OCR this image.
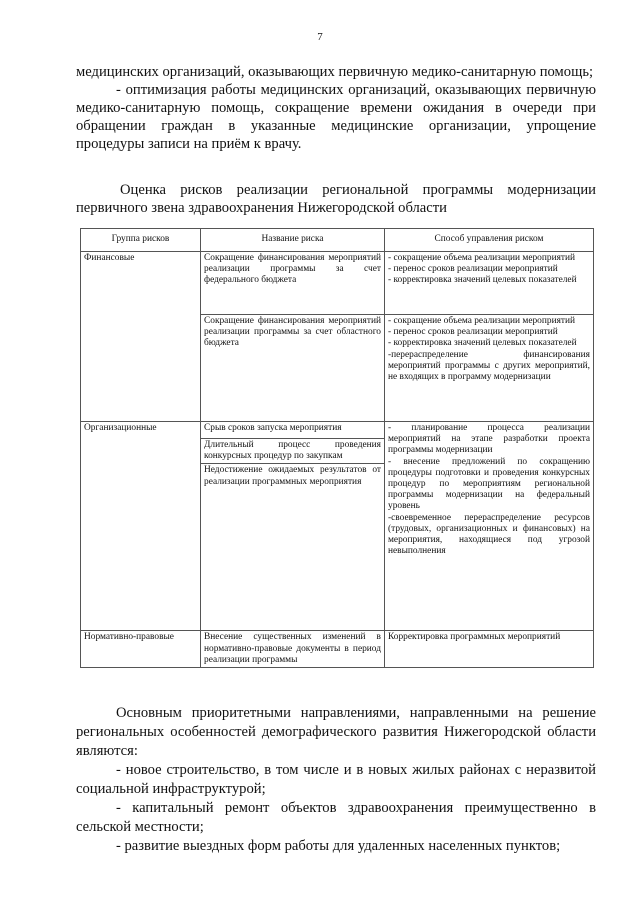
7

медицинских организаций, оказывающих первичную медико-санитарную помощь;

- оптимизация работы медицинских организаций, оказывающих первичную медико-санитарную помощь, сокращение времени ожидания в очереди при обращении граждан в указанные медицинские организации, упрощение процедуры записи на приём к врачу.

Оценка рисков реализации региональной программы модернизации первичного звена здравоохранения Нижегородской области
Группа рисков	Название риска	Способ управления риском
Финансовые	Сокращение финансирования мероприятий реализации программы за счет федерального бюджета	- сокращение объема реализации мероприятий
- перенос сроков реализации мероприятий
- корректировка значений целевых показателей

	Сокращение финансирования мероприятий реализации программы за счет областного бюджета	- сокращение объема реализации мероприятий
- перенос сроков реализации мероприятий
- корректировка значений целевых показателей
-перераспределение финансирования мероприятий программы с других мероприятий, не входящих в программу модернизации

Организационные	Срыв сроков запуска мероприятия	- планирование процесса реализации мероприятий на этапе разработки проекта программы модернизации
- внесение предложений по сокращению процедуры подготовки и проведения конкурсных процедур по мероприятиям региональной программы модернизации на федеральный уровень
-своевременное перераспределение ресурсов (трудовых, организационных и финансовых) на мероприятия, находящиеся под угрозой невыполнения

	Длительный процесс проведения конкурсных процедур по закупкам	
	Недостижение ожидаемых результатов от реализации программных мероприятия	
Нормативно-правовые	Внесение существенных изменений в нормативно-правовые документы в период реализации программы	Корректировка программных мероприятий

Основным приоритетными направлениями, направленными на решение региональных особенностей демографического развития Нижегородской области являются:

- новое строительство, в том числе и в новых жилых районах с неразвитой социальной инфраструктурой;

- капитальный ремонт объектов здравоохранения преимущественно в сельской местности;

- развитие выездных форм работы для удаленных населенных пунктов;
